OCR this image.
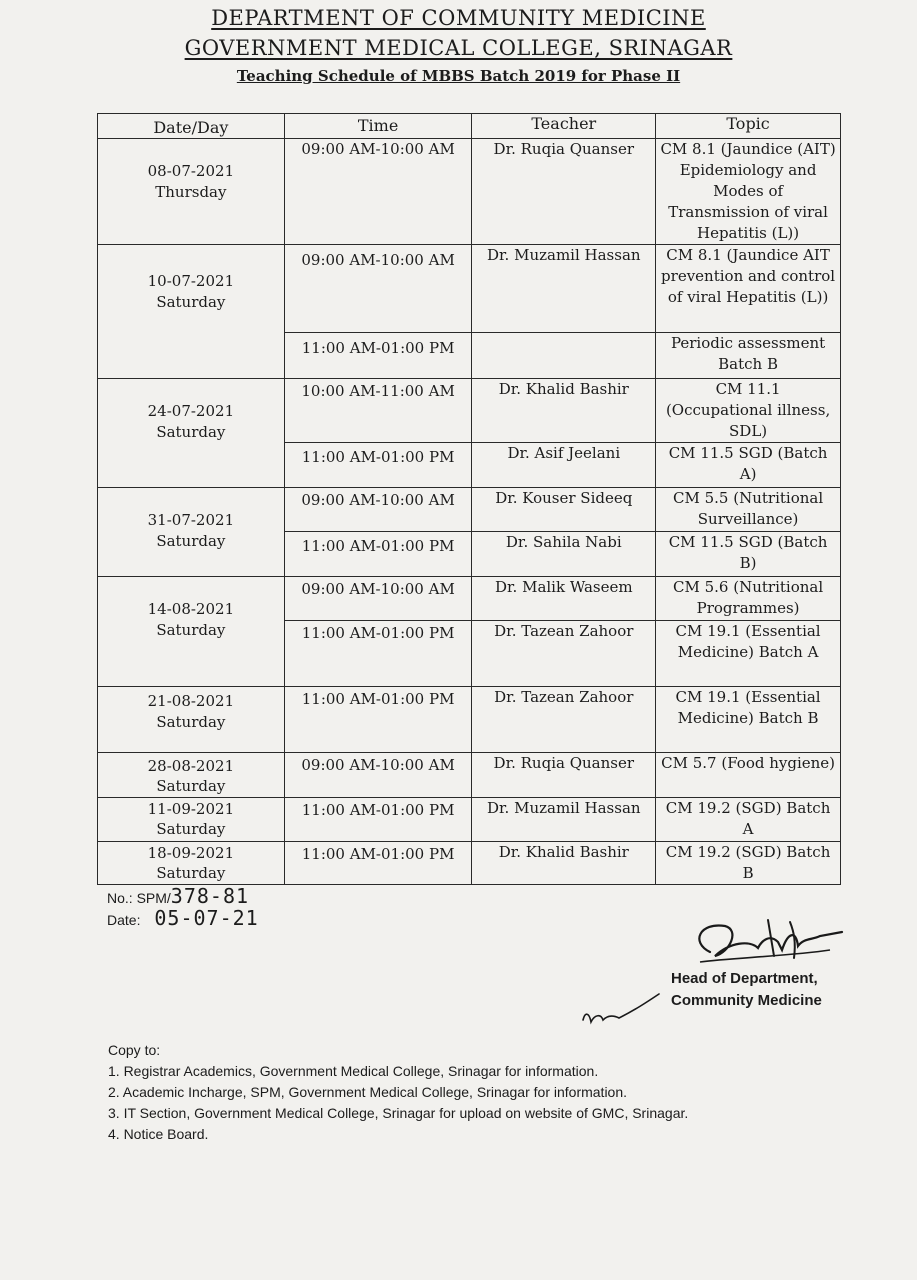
DEPARTMENT OF COMMUNITY MEDICINE
GOVERNMENT MEDICAL COLLEGE, SRINAGAR
Teaching Schedule of MBBS Batch 2019 for Phase II
Date/Day	Time	Teacher	Topic

08-07-2021
Thursday	09:00 AM-10:00 AM	Dr. Ruqia Quanser	CM 8.1 (Jaundice (AIT) Epidemiology and Modes of Transmission of viral Hepatitis (L))

10-07-2021
Saturday	09:00 AM-10:00 AM	Dr. Muzamil Hassan	CM 8.1 (Jaundice AIT prevention and control of viral Hepatitis (L))
	11:00 AM-01:00 PM		Periodic assessment Batch B

24-07-2021
Saturday	10:00 AM-11:00 AM	Dr. Khalid Bashir	CM 11.1 (Occupational illness, SDL)
	11:00 AM-01:00 PM	Dr. Asif Jeelani	CM 11.5 SGD (Batch A)

31-07-2021
Saturday	09:00 AM-10:00 AM	Dr. Kouser Sideeq	CM 5.5 (Nutritional Surveillance)
	11:00 AM-01:00 PM	Dr. Sahila Nabi	CM 11.5 SGD (Batch B)

14-08-2021
Saturday	09:00 AM-10:00 AM	Dr. Malik Waseem	CM 5.6 (Nutritional Programmes)
	11:00 AM-01:00 PM	Dr. Tazean Zahoor	CM 19.1 (Essential Medicine) Batch A

21-08-2021
Saturday	11:00 AM-01:00 PM	Dr. Tazean Zahoor	CM 19.1 (Essential Medicine) Batch B

28-08-2021
Saturday	09:00 AM-10:00 AM	Dr. Ruqia Quanser	CM 5.7 (Food hygiene)

11-09-2021
Saturday	11:00 AM-01:00 PM	Dr. Muzamil Hassan	CM 19.2 (SGD) Batch A

18-09-2021
Saturday	11:00 AM-01:00 PM	Dr. Khalid Bashir	CM 19.2 (SGD) Batch B
No.: SPM/378-81
Date: 05-07-21
Head of Department,
Community Medicine
Copy to:
1. Registrar Academics, Government Medical College, Srinagar for information.
2. Academic Incharge, SPM, Government Medical College, Srinagar for information.
3. IT Section, Government Medical College, Srinagar for upload on website of GMC, Srinagar.
4. Notice Board.
